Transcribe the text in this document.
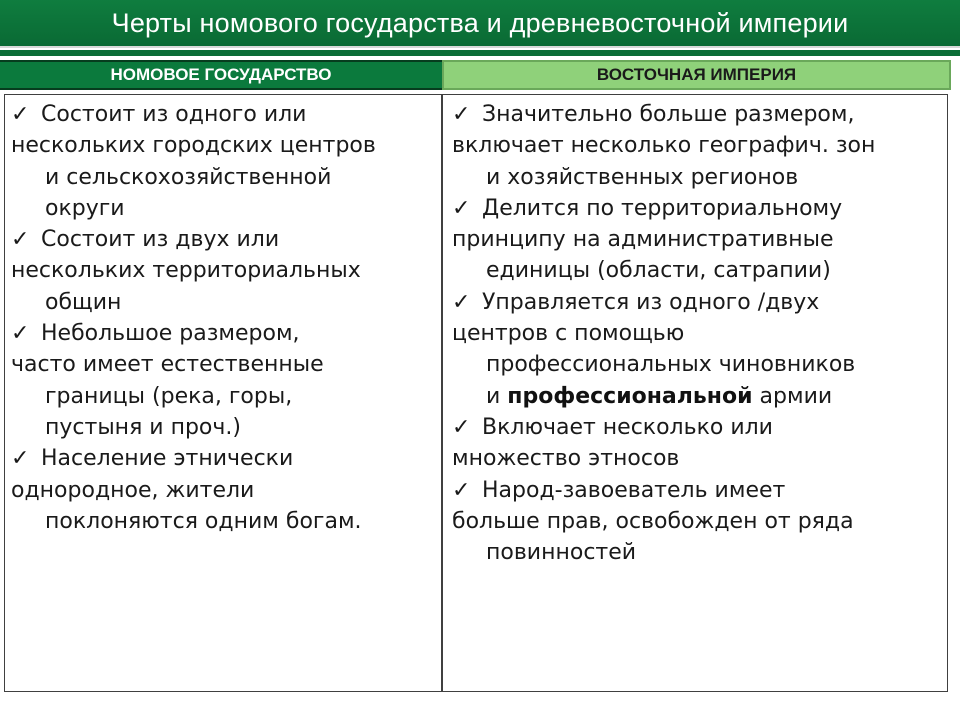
Черты номового государства и древневосточной империи
НОМОВОЕ ГОСУДАРСТВО	ВОСТОЧНАЯ ИМПЕРИЯ
✓ Состоит из одного или
нескольких городских центров
и сельскохозяйственной
округи
✓ Состоит из двух или
нескольких территориальных
общин
✓ Небольшое размером,
часто имеет естественные
границы (река, горы,
пустыня и проч.)
✓ Население этнически
однородное, жители
поклоняются одним богам.
✓ Значительно больше размером,
включает несколько географич. зон
и хозяйственных регионов
✓ Делится по территориальному
принципу на административные
единицы (области, сатрапии)
✓ Управляется из одного /двух
центров с помощью
профессиональных чиновников
и профессиональной армии
✓ Включает несколько или
множество этносов
✓ Народ-завоеватель имеет
больше прав, освобожден от ряда
повинностей
